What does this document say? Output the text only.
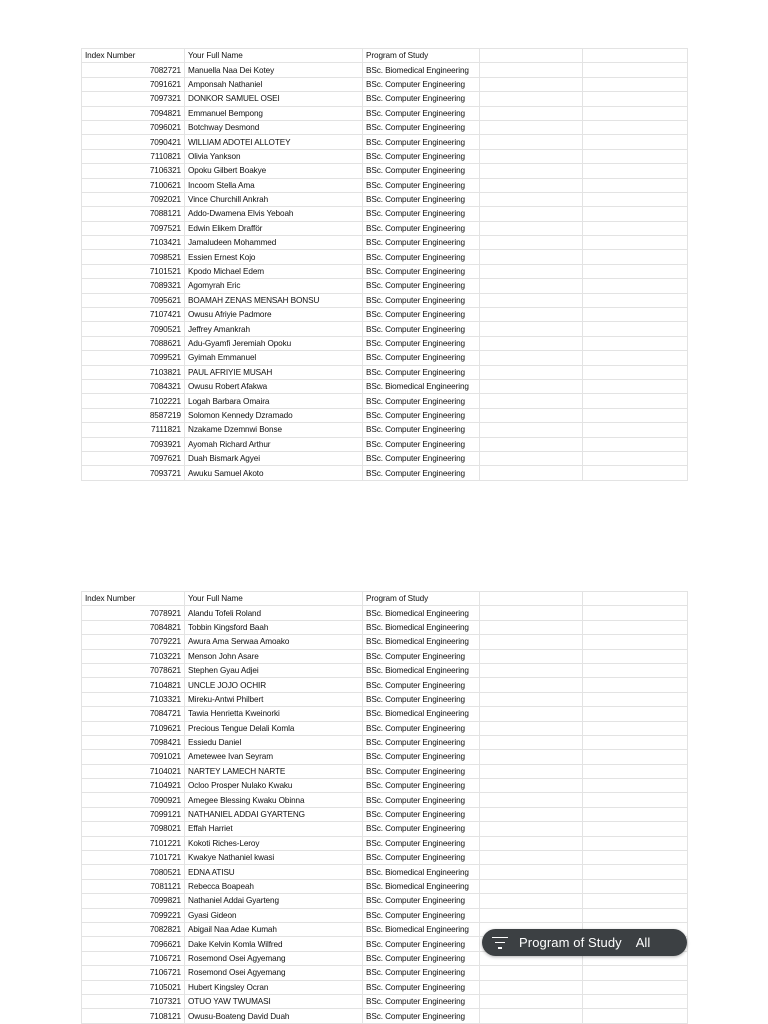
Index Number	Your Full Name	Program of Study		
7082721	Manuella Naa Dei Kotey	BSc. Biomedical Engineering		
7091621	Amponsah Nathaniel	BSc. Computer Engineering		
7097321	DONKOR SAMUEL OSEI	BSc. Computer Engineering		
7094821	Emmanuel Bempong	BSc. Computer Engineering		
7096021	Botchway Desmond	BSc. Computer Engineering		
7090421	WILLIAM ADOTEI ALLOTEY	BSc. Computer Engineering		
7110821	Olivia Yankson	BSc. Computer Engineering		
7106321	Opoku Gilbert Boakye	BSc. Computer Engineering		
7100621	Incoom Stella Ama	BSc. Computer Engineering		
7092021	Vince Churchill Ankrah	BSc. Computer Engineering		
7088121	Addo-Dwamena Elvis Yeboah	BSc. Computer Engineering		
7097521	Edwin Elikem Drafför	BSc. Computer Engineering		
7103421	Jamaludeen Mohammed	BSc. Computer Engineering		
7098521	Essien Ernest Kojo	BSc. Computer Engineering		
7101521	Kpodo Michael Edem	BSc. Computer Engineering		
7089321	Agomyrah Eric	BSc. Computer Engineering		
7095621	BOAMAH ZENAS MENSAH BONSU	BSc. Computer Engineering		
7107421	Owusu Afriyie Padmore	BSc. Computer Engineering		
7090521	Jeffrey Amankrah	BSc. Computer Engineering		
7088621	Adu-Gyamfi Jeremiah Opoku	BSc. Computer Engineering		
7099521	Gyimah Emmanuel	BSc. Computer Engineering		
7103821	PAUL AFRIYIE MUSAH	BSc. Computer Engineering		
7084321	Owusu Robert Afakwa	BSc. Biomedical Engineering		
7102221	Logah Barbara Omaira	BSc. Computer Engineering		
8587219	Solomon Kennedy Dzramado	BSc. Computer Engineering		
7111821	Nzakame Dzemnwi Bonse	BSc. Computer Engineering		
7093921	Ayomah Richard Arthur	BSc. Computer Engineering		
7097621	Duah Bismark Agyei	BSc. Computer Engineering		
7093721	Awuku Samuel Akoto	BSc. Computer Engineering		
Index Number	Your Full Name	Program of Study		
7078921	Alandu Tofeli Roland	BSc. Biomedical Engineering		
7084821	Tobbin Kingsford Baah	BSc. Biomedical Engineering		
7079221	Awura Ama Serwaa Amoako	BSc. Biomedical Engineering		
7103221	Menson John Asare	BSc. Computer Engineering		
7078621	Stephen Gyau Adjei	BSc. Biomedical Engineering		
7104821	UNCLE JOJO OCHIR	BSc. Computer Engineering		
7103321	Mireku-Antwi Philbert	BSc. Computer Engineering		
7084721	Tawia Henrietta Kweinorki	BSc. Biomedical Engineering		
7109621	Precious Tengue Delali Komla	BSc. Computer Engineering		
7098421	Essiedu Daniel	BSc. Computer Engineering		
7091021	Ametewee Ivan Seyram	BSc. Computer Engineering		
7104021	NARTEY LAMECH NARTE	BSc. Computer Engineering		
7104921	Ocloo Prosper Nulako Kwaku	BSc. Computer Engineering		
7090921	Amegee Blessing Kwaku Obinna	BSc. Computer Engineering		
7099121	NATHANIEL ADDAI GYARTENG	BSc. Computer Engineering		
7098021	Effah Harriet	BSc. Computer Engineering		
7101221	Kokoti Riches-Leroy	BSc. Computer Engineering		
7101721	Kwakye Nathaniel kwasi	BSc. Computer Engineering		
7080521	EDNA ATISU	BSc. Biomedical Engineering		
7081121	Rebecca Boapeah	BSc. Biomedical Engineering		
7099821	Nathaniel Addai Gyarteng	BSc. Computer Engineering		
7099221	Gyasi Gideon	BSc. Computer Engineering		
7082821	Abigail Naa Adae Kumah	BSc. Biomedical Engineering		
7096621	Dake Kelvin Komla Wilfred	BSc. Computer Engineering		
7106721	Rosemond Osei Agyemang	BSc. Computer Engineering		
7106721	Rosemond Osei Agyemang	BSc. Computer Engineering		
7105021	Hubert Kingsley Ocran	BSc. Computer Engineering		
7107321	OTUO YAW TWUMASI	BSc. Computer Engineering		
7108121	Owusu-Boateng David Duah	BSc. Computer Engineering		
Program of Study All
